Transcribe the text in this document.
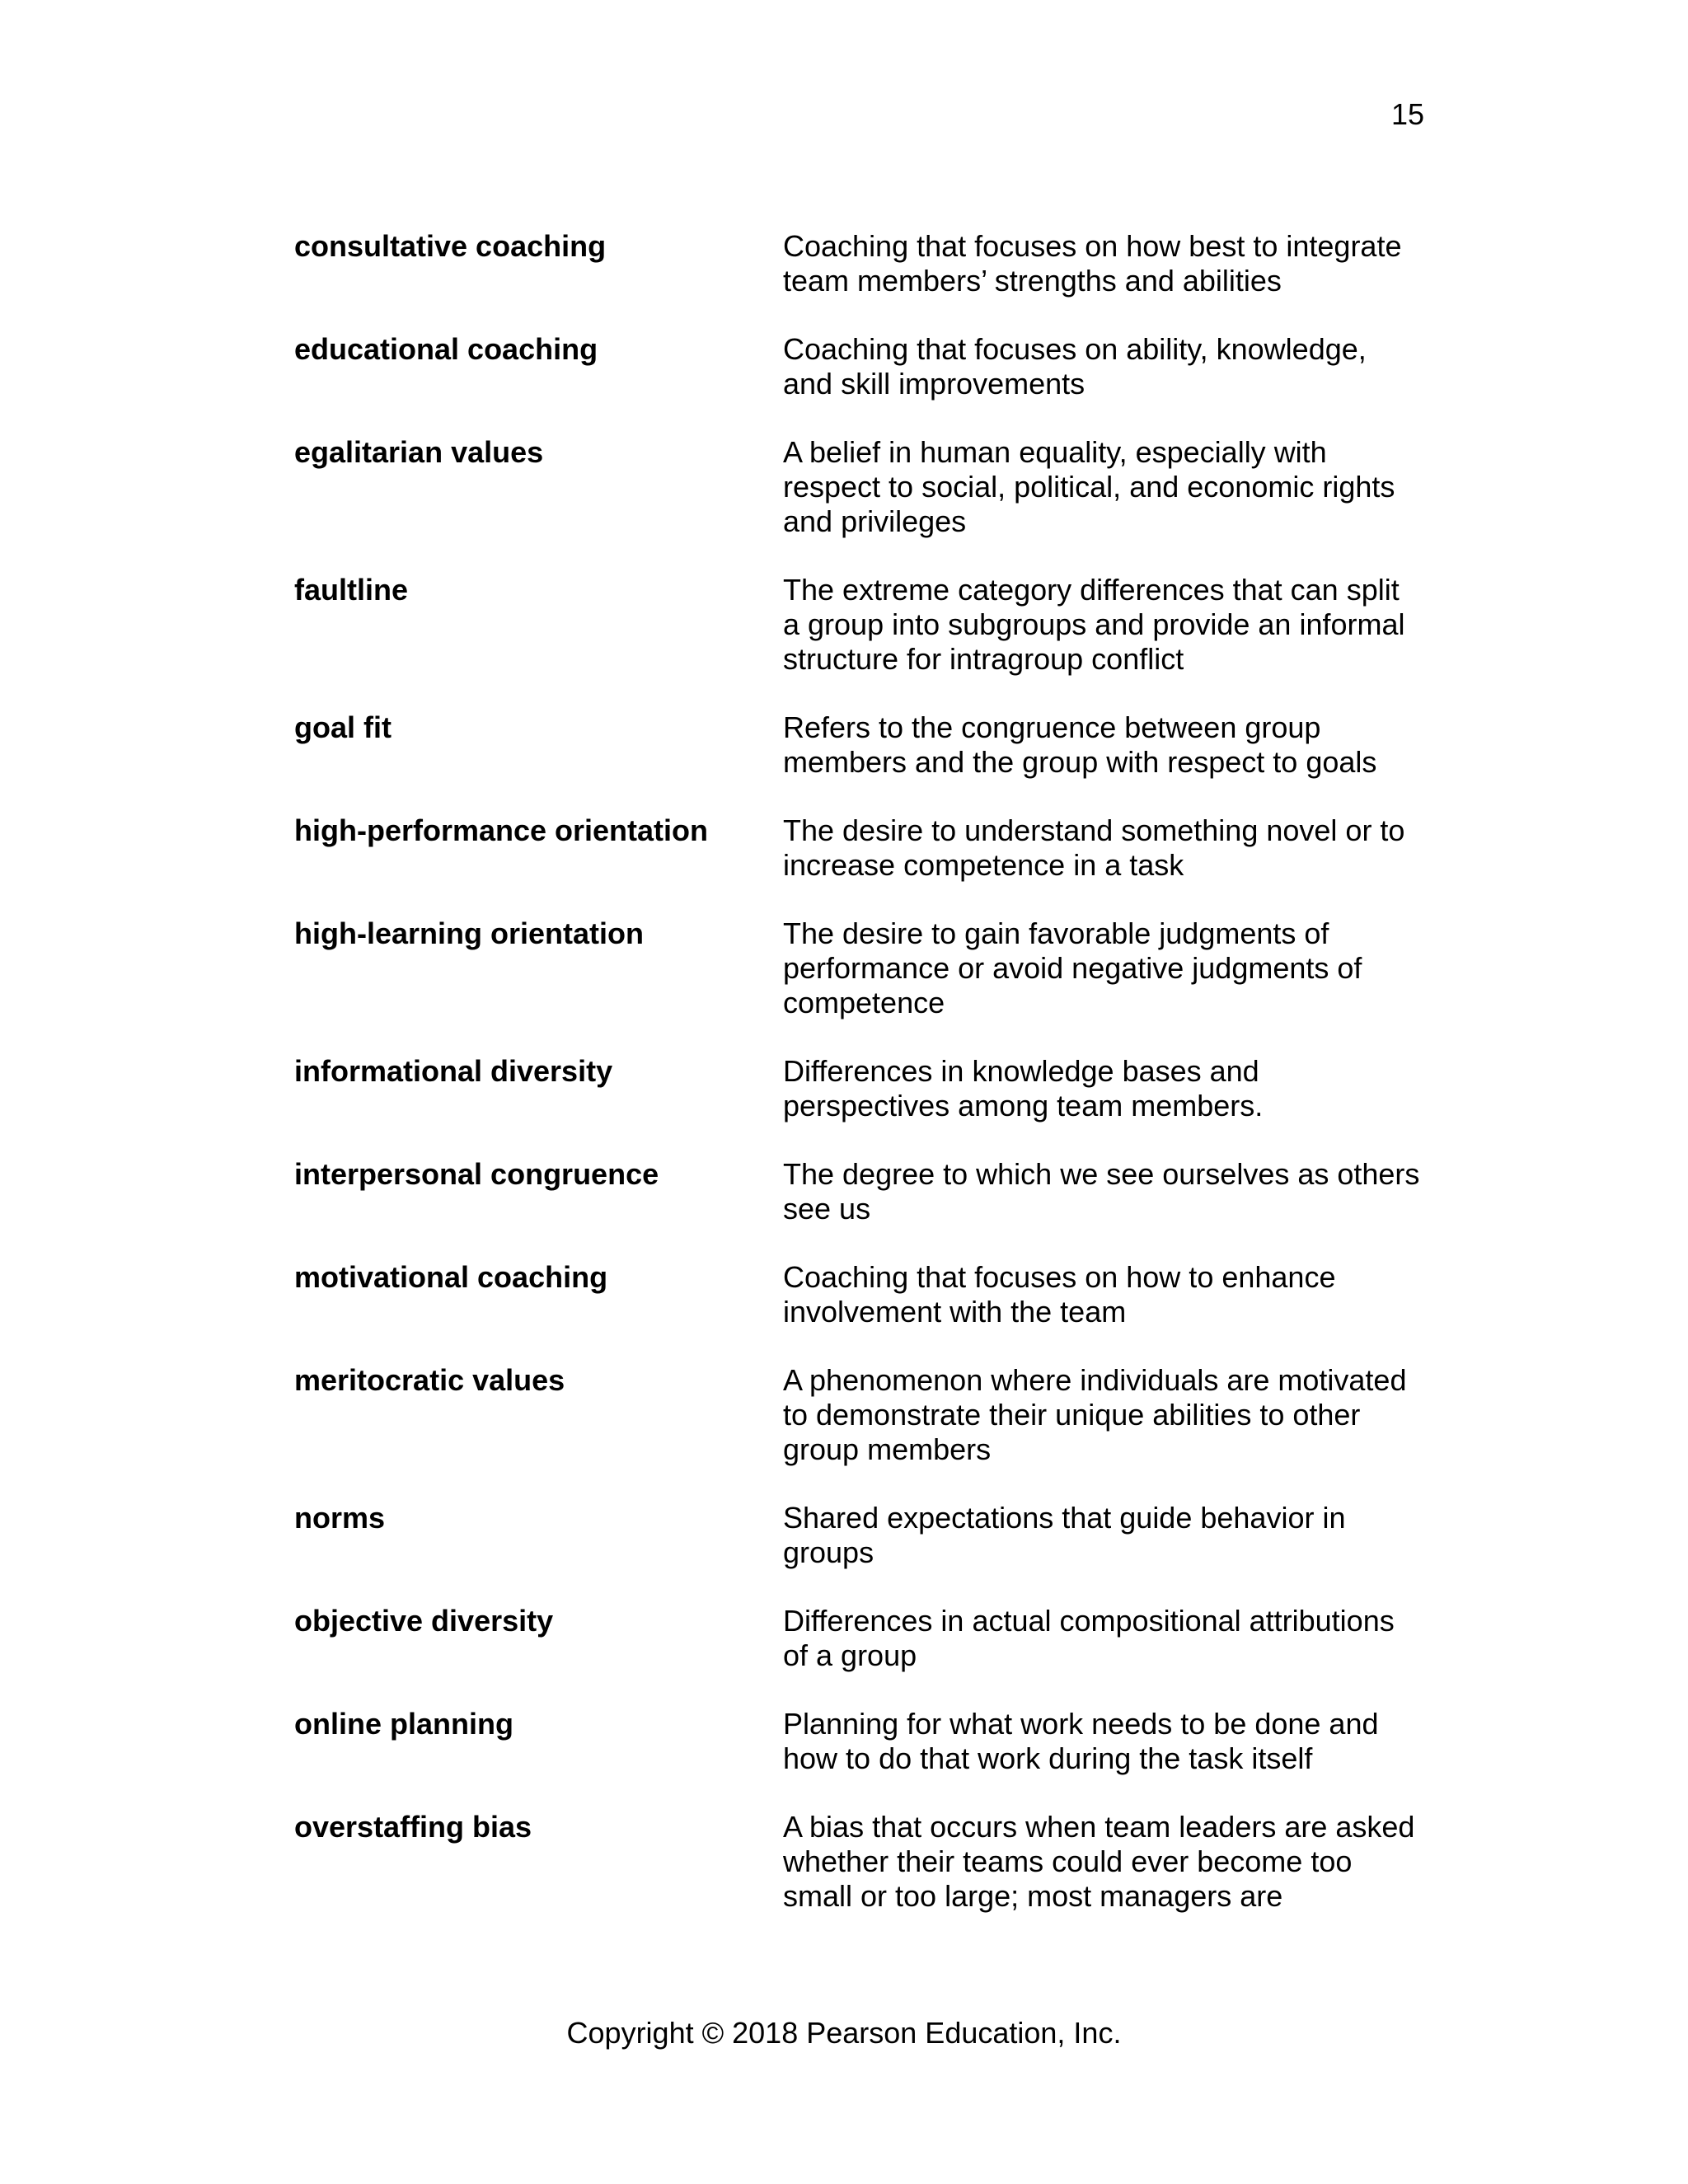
15
consultative coaching	Coaching that focuses on how best to integrate team members’ strengths and abilities
educational coaching	Coaching that focuses on ability, knowledge, and skill improvements
egalitarian values	A belief in human equality, especially with respect to social, political, and economic rights and privileges
faultline	The extreme category differences that can split a group into subgroups and provide an informal structure for intragroup conflict
goal fit	Refers to the congruence between group members and the group with respect to goals
high-performance orientation	The desire to understand something novel or to increase competence in a task
high-learning orientation	The desire to gain favorable judgments of performance or avoid negative judgments of competence
informational diversity	Differences in knowledge bases and perspectives among team members.
interpersonal congruence	The degree to which we see ourselves as others see us
motivational coaching	Coaching that focuses on how to enhance involvement with the team
meritocratic values	A phenomenon where individuals are motivated to demonstrate their unique abilities to other group members
norms	Shared expectations that guide behavior in groups
objective diversity	Differences in actual compositional attributions of a group
online planning	Planning for what work needs to be done and how to do that work during the task itself
overstaffing bias	A bias that occurs when team leaders are asked whether their teams could ever become too small or too large; most managers are
Copyright © 2018 Pearson Education, Inc.
